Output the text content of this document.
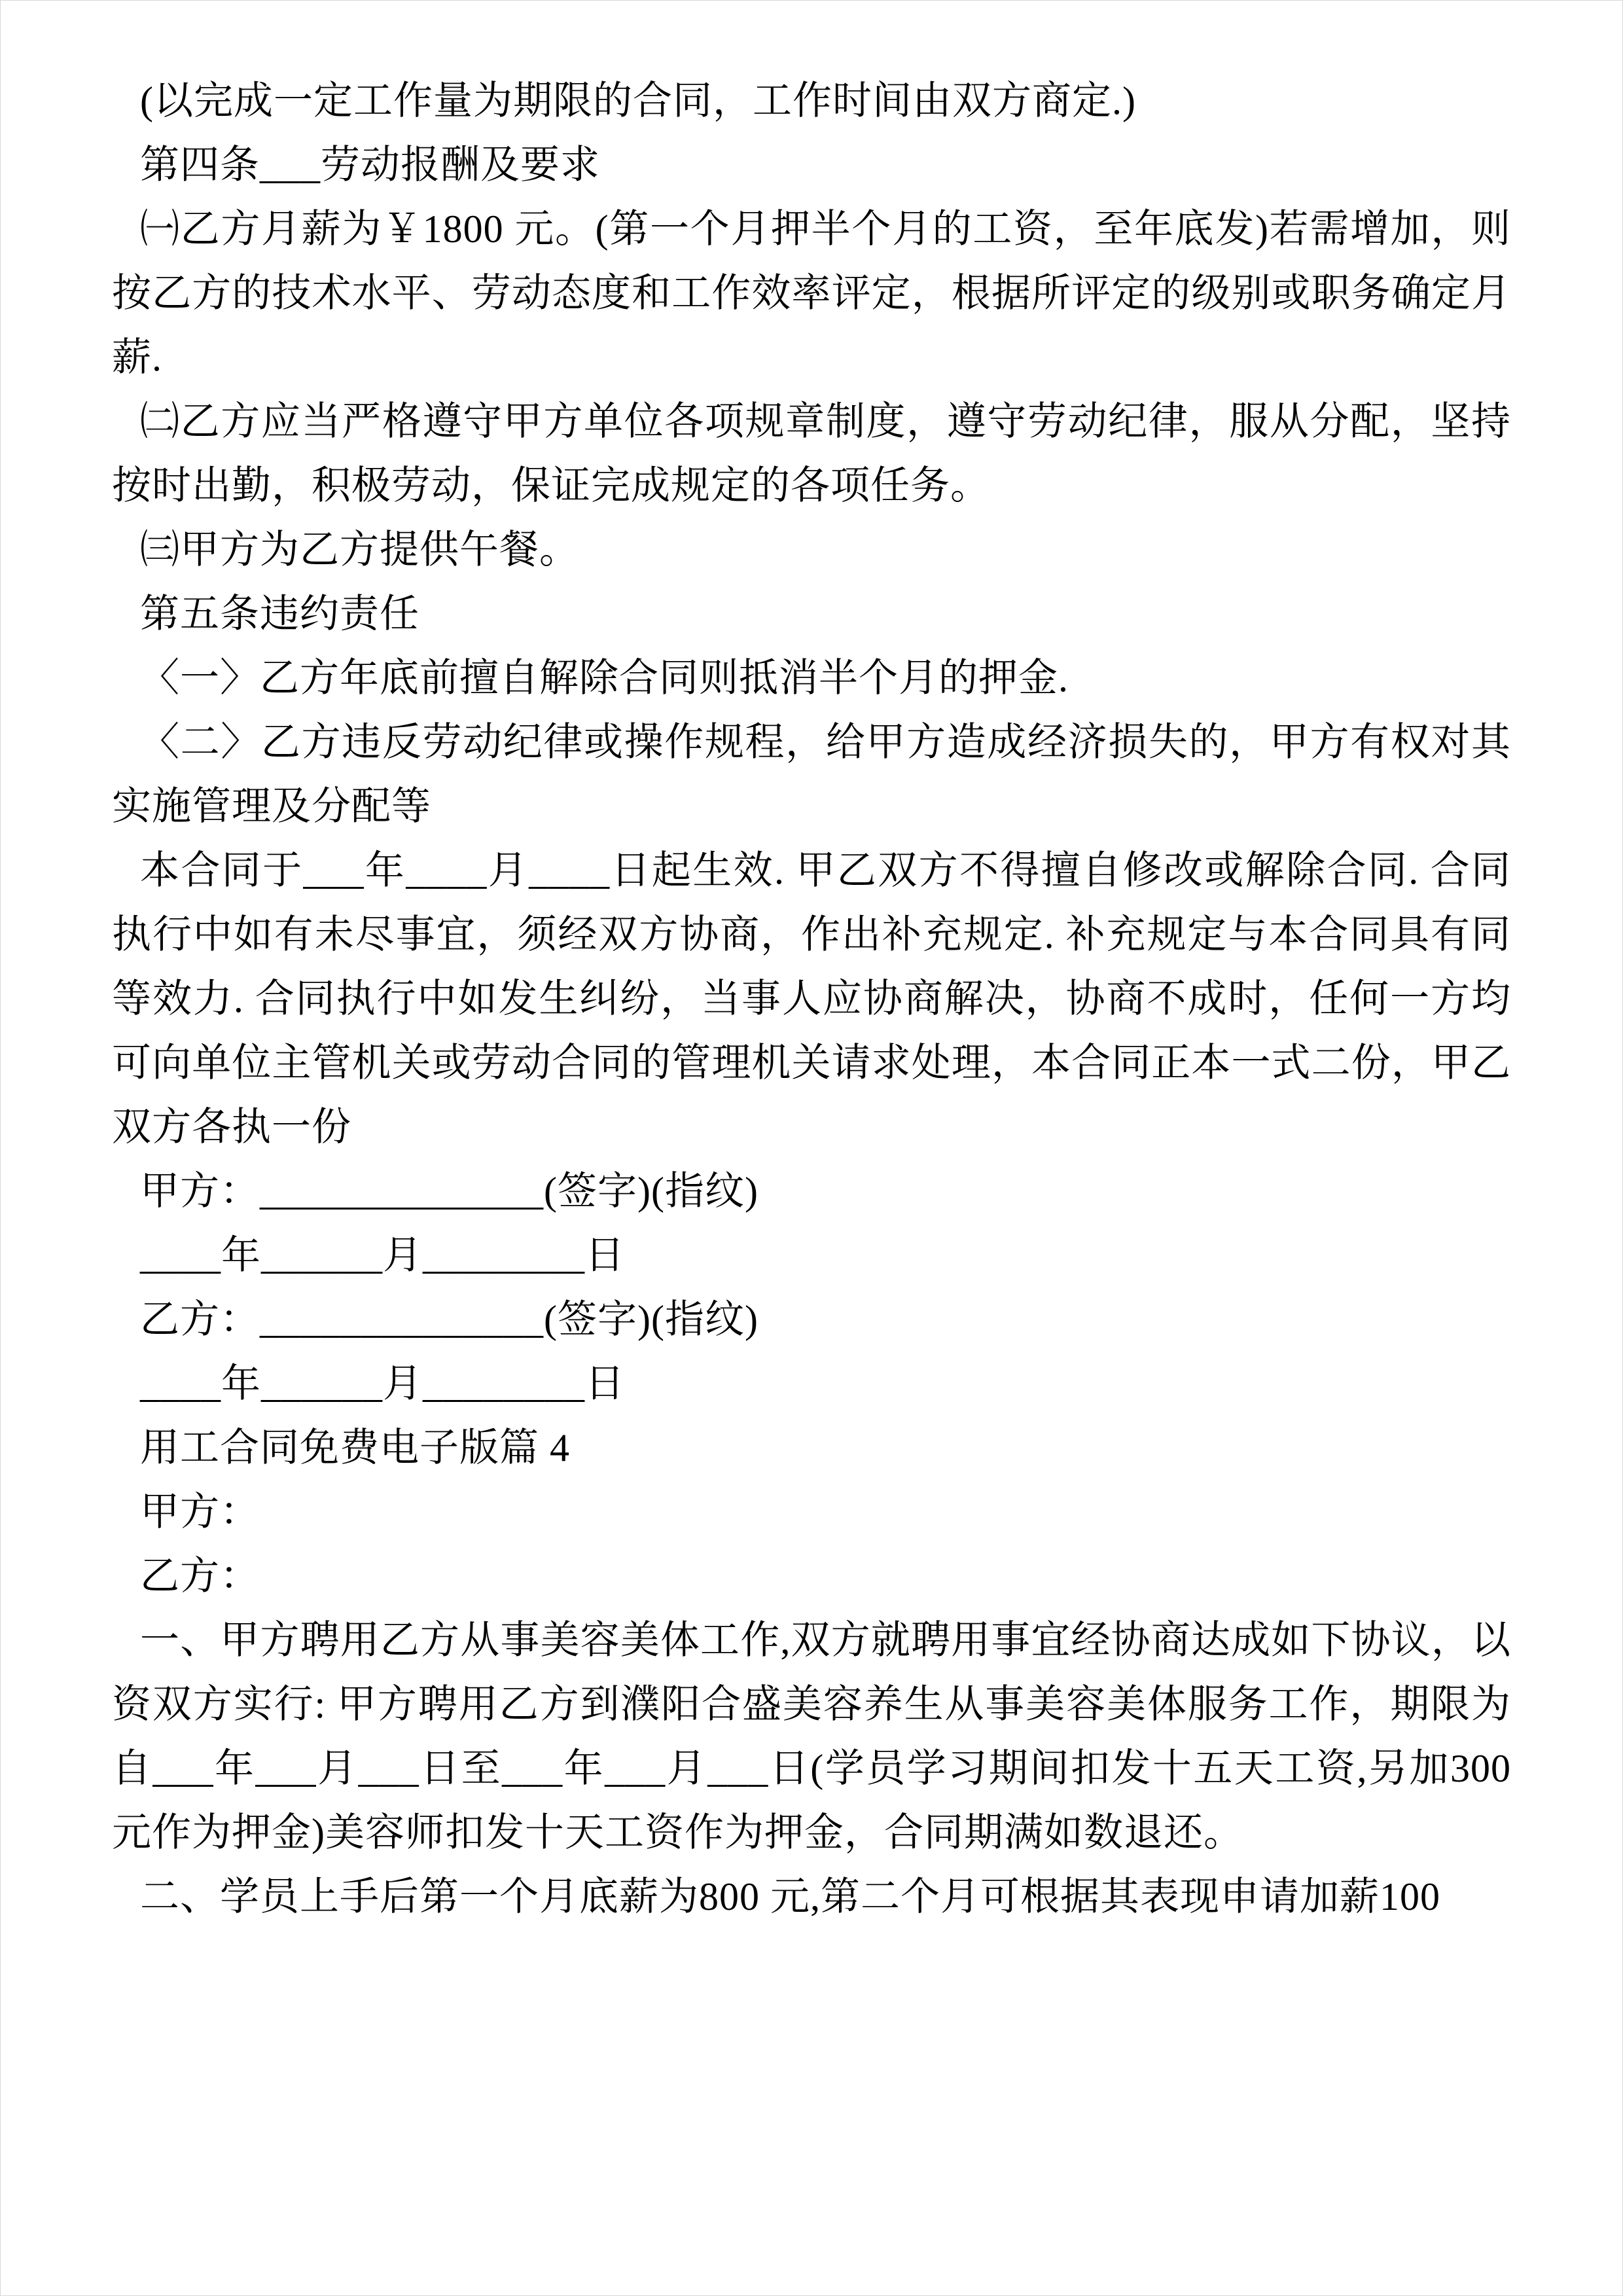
(以完成一定工作量为期限的合同，工作时间由双方商定.)

第四条___劳动报酬及要求

㈠乙方月薪为￥1800 元。(第一个月押半个月的工资，至年底发)若需增加，则按乙方的技术水平、劳动态度和工作效率评定，根据所评定的级别或职务确定月薪.

㈡乙方应当严格遵守甲方单位各项规章制度，遵守劳动纪律，服从分配，坚持按时出勤，积极劳动，保证完成规定的各项任务。

㈢甲方为乙方提供午餐。

第五条违约责任

〈一〉乙方年底前擅自解除合同则抵消半个月的押金.

〈二〉乙方违反劳动纪律或操作规程，给甲方造成经济损失的，甲方有权对其实施管理及分配等

本合同于___年____月____日起生效. 甲乙双方不得擅自修改或解除合同. 合同执行中如有未尽事宜，须经双方协商，作出补充规定. 补充规定与本合同具有同等效力. 合同执行中如发生纠纷，当事人应协商解决，协商不成时，任何一方均可向单位主管机关或劳动合同的管理机关请求处理，本合同正本一式二份，甲乙双方各执一份

甲方：______________(签字)(指纹)

____年______月________日

乙方：______________(签字)(指纹)

____年______月________日

用工合同免费电子版篇 4

甲方：

乙方：

一、甲方聘用乙方从事美容美体工作,双方就聘用事宜经协商达成如下协议，以资双方实行: 甲方聘用乙方到濮阳合盛美容养生从事美容美体服务工作，期限为自___年___月___日至___年___月___日(学员学习期间扣发十五天工资,另加300元作为押金)美容师扣发十天工资作为押金，合同期满如数退还。

二、学员上手后第一个月底薪为800 元,第二个月可根据其表现申请加薪100
